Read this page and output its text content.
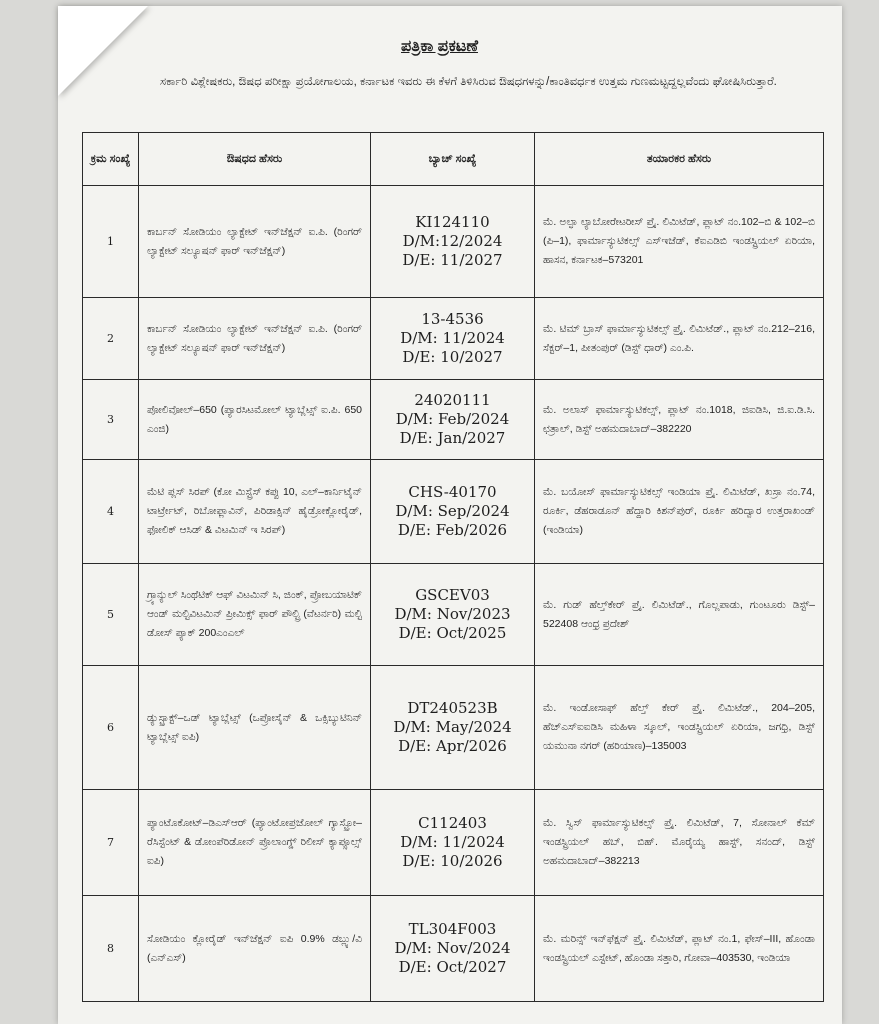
ಪತ್ರಿಕಾ ಪ್ರಕಟಣೆ
ಸರ್ಕಾರಿ ವಿಶ್ಲೇಷಕರು, ಔಷಧ ಪರೀಕ್ಷಾ ಪ್ರಯೋಗಾಲಯ, ಕರ್ನಾಟಕ ಇವರು ಈ ಕೆಳಗೆ ತಿಳಿಸಿರುವ ಔಷಧಗಳನ್ನು/ಕಾಂತಿವರ್ಧಕ ಉತ್ತಮ ಗುಣಮಟ್ಟದ್ದಲ್ಲವೆಂದು ಘೋಷಿಸಿರುತ್ತಾರೆ.
ಕ್ರಮ ಸಂಖ್ಯೆ	ಔಷಧದ ಹೆಸರು	ಬ್ಯಾಚ್ ಸಂಖ್ಯೆ	ತಯಾರಕರ ಹೆಸರು
1	ಕಾರ್ಬನ್ ಸೋಡಿಯಂ ಲ್ಯಾಕ್ಟೇಟ್ ಇನ್‌ಜೆಕ್ಷನ್ ಐ.ಪಿ. (ರಿಂಗರ್ ಲ್ಯಾಕ್ಟೇಟ್ ಸಲ್ಯೂಷನ್ ಫಾರ್ ಇನ್‌ಜೆಕ್ಷನ್)	KI124110
D/M:12/2024
D/E: 11/2027	ಮೆ. ಅಲ್ಫಾ ಲ್ಯಾಬೋರೇಟರೀಸ್ ಪ್ರೈ. ಲಿಮಿಟೆಡ್, ಪ್ಲಾಟ್ ನಂ.102–ಬಿ & 102–ಬಿ (ಪಿ–1), ಫಾರ್ಮಾಸ್ಯುಟಿಕಲ್ಸ್ ಎಸ್‌ಇಜೆಡ್, ಕೆಐಎಡಿಬಿ ಇಂಡಸ್ಟ್ರಿಯಲ್ ಏರಿಯಾ, ಹಾಸನ, ಕರ್ನಾಟಕ–573201
2	ಕಾರ್ಬನ್ ಸೋಡಿಯಂ ಲ್ಯಾಕ್ಟೇಟ್ ಇನ್‌ಜೆಕ್ಷನ್ ಐ.ಪಿ. (ರಿಂಗರ್ ಲ್ಯಾಕ್ಟೇಟ್ ಸಲ್ಯೂಷನ್ ಫಾರ್ ಇನ್‌ಜೆಕ್ಷನ್)	13-4536
D/M: 11/2024
D/E: 10/2027	ಮೆ. ಟಿಮ್ ಬ್ರಾಸ್ ಫಾರ್ಮಾಸ್ಯುಟಿಕಲ್ಸ್ ಪ್ರೈ. ಲಿಮಿಟೆಡ್., ಪ್ಲಾಟ್ ನಂ.212–216, ಸೆಕ್ಟರ್–1, ಪೀತಂಪುರ್ (ಡಿಸ್ಟ್ ಧಾರ್) ಎಂ.ಪಿ.
3	ಪೋಲಿವೋಲ್–650 (ಪ್ಯಾರಸಿಟಮೋಲ್ ಟ್ಯಾಬ್ಲೆಟ್ಸ್ ಐ.ಪಿ. 650 ಎಂಜಿ)	24020111
D/M: Feb/2024
D/E: Jan/2027	ಮೆ. ಅಲಾಸ್ ಫಾರ್ಮಾಸ್ಯುಟಿಕಲ್ಸ್, ಪ್ಲಾಟ್ ನಂ.1018, ಜಿಐಡಿಸಿ, ಜಿ.ಐ.ಡಿ.ಸಿ. ಛತ್ರಾಲ್, ಡಿಸ್ಟ್ ಅಹಮದಾಬಾದ್–382220
4	ಮೆಟಿ ಪ್ಲಸ್ ಸಿರಪ್ (ಕೋ ಮಿಸ್ಟ್ರೆಸ್ ಕಪ್ಪು 10, ಎಲ್–ಕಾರ್ನಿಟೈನ್ ಟಾರ್ಟ್ರೇಟ್, ರಿಬೋಫ್ಲಾವಿನ್, ಪಿರಿಡಾಕ್ಸಿನ್ ಹೈಡ್ರೋಕ್ಲೋರೈಡ್, ಫೋಲಿಕ್ ಆಸಿಡ್ & ವಿಟಮಿನ್ ಇ ಸಿರಪ್)	CHS-40170
D/M: Sep/2024
D/E: Feb/2026	ಮೆ. ಬಯೋಸ್ ಫಾರ್ಮಾಸ್ಯುಟಿಕಲ್ಸ್ ಇಂಡಿಯಾ ಪ್ರೈ. ಲಿಮಿಟೆಡ್, ಖಸ್ರಾ ನಂ.74, ರೂರ್ಕಿ, ಡೆಹರಾಡೂನ್ ಹೆದ್ದಾರಿ ಕಿಶನ್‌ಪುರ್, ರೂರ್ಕಿ ಹರಿದ್ವಾರ ಉತ್ತರಾಖಂಡ್ (ಇಂಡಿಯಾ)
5	ಗ್ರ್ಯಾನ್ಯುಲ್ ಸಿಂಥೆಟಿಕ್ ಆಫ್ ವಿಟಮಿನ್ ಸಿ, ಜಿಂಕ್, ಪ್ರೋಬಯಾಟಿಕ್ ಆಂಡ್ ಮಲ್ಟಿವಿಟಮಿನ್ ಪ್ರೀಮಿಕ್ಸ್ ಫಾರ್ ಪೌಲ್ಟ್ರಿ (ವೆಟರ್ನರಿ) ಮಲ್ಟಿ ಡೋಸ್ ಪ್ಯಾಕ್ 200ಎಂಎಲ್	GSCEV03
D/M: Nov/2023
D/E: Oct/2025	ಮೆ. ಗುಡ್ ಹೆಲ್ತ್‌ಕೇರ್ ಪ್ರೈ. ಲಿಮಿಟೆಡ್., ಗೊಲ್ಲಪಾಡು, ಗುಂಟೂರು ಡಿಸ್ಟ್–522408 ಆಂಧ್ರ ಪ್ರದೇಶ್
6	ಡ್ಯುಸ್ಟ್ರಾಕ್ಟ್–ಒಡ್ ಟ್ಯಾಬ್ಲೆಟ್ಸ್ (ಒಪ್ರೋಸೈನ್ & ಒಕ್ಸಿಬ್ಯುಟಿನಿನ್ ಟ್ಯಾಬ್ಲೆಟ್ಸ್ ಐಪಿ)	DT240523B
D/M: May/2024
D/E: Apr/2026	ಮೆ. ಇಂಡೋಸಾಫ್ ಹೆಲ್ತ್ ಕೇರ್ ಪ್ರೈ. ಲಿಮಿಟೆಡ್., 204–205, ಹೆಚ್‌ಎಸ್‌ಐಐಡಿಸಿ ಮಹಿಳಾ ಸ್ಕೂಲ್, ಇಂಡಸ್ಟ್ರಿಯಲ್ ಏರಿಯಾ, ಜಗಧ್ರಿ, ಡಿಸ್ಟ್ ಯಮುನಾ ನಗರ್ (ಹರಿಯಾಣ)–135003
7	ಪ್ಯಾಂಟೊಕೋಟ್–ಡಿಎಸ್‌ಆರ್ (ಪ್ಯಾಂಟೋಪ್ರಜೋಲ್ ಗ್ಯಾಸ್ಟ್ರೋ–ರೆಸಿಸ್ಟೆಂಟ್ & ಡೋಂಪೆರಿಡೋನ್ ಪ್ರೊಲಾಂಗ್ಡ್ ರಿಲೀಸ್ ಕ್ಯಾಪ್ಸೂಲ್ಸ್ ಐಪಿ)	C112403
D/M: 11/2024
D/E: 10/2026	ಮೆ. ಸ್ವಿಸ್ ಫಾರ್ಮಾಸ್ಯುಟಿಕಲ್ಸ್ ಪ್ರೈ. ಲಿಮಿಟೆಡ್, 7, ಸೋನಾಲ್ ಕೆಮ್ ಇಂಡಸ್ಟ್ರಿಯಲ್ ಹಬ್, ಬಿಹ್. ಮೊರೈಯ್ಯ ಹಾಸ್ಟ್, ಸನಂದ್, ಡಿಸ್ಟ್ ಅಹಮದಾಬಾದ್–382213
8	ಸೋಡಿಯಂ ಕ್ಲೋರೈಡ್ ಇನ್‌ಜೆಕ್ಷನ್ ಐಪಿ 0.9% ಡಬ್ಲ್ಯು/ವಿ (ಎನ್‌ಎಸ್)	TL304F003
D/M: Nov/2024
D/E: Oct/2027	ಮೆ. ಮರಿನ್ಸ್ ಇನ್‌ಫೆಕ್ಷನ್ ಪ್ರೈ. ಲಿಮಿಟೆಡ್, ಪ್ಲಾಟ್ ನಂ.1, ಫೇಸ್–III, ಹೊಂಡಾ ಇಂಡಸ್ಟ್ರಿಯಲ್ ಎಸ್ಟೇಟ್, ಹೊಂಡಾ ಸತ್ತಾರಿ, ಗೋವಾ–403530, ಇಂಡಿಯಾ
